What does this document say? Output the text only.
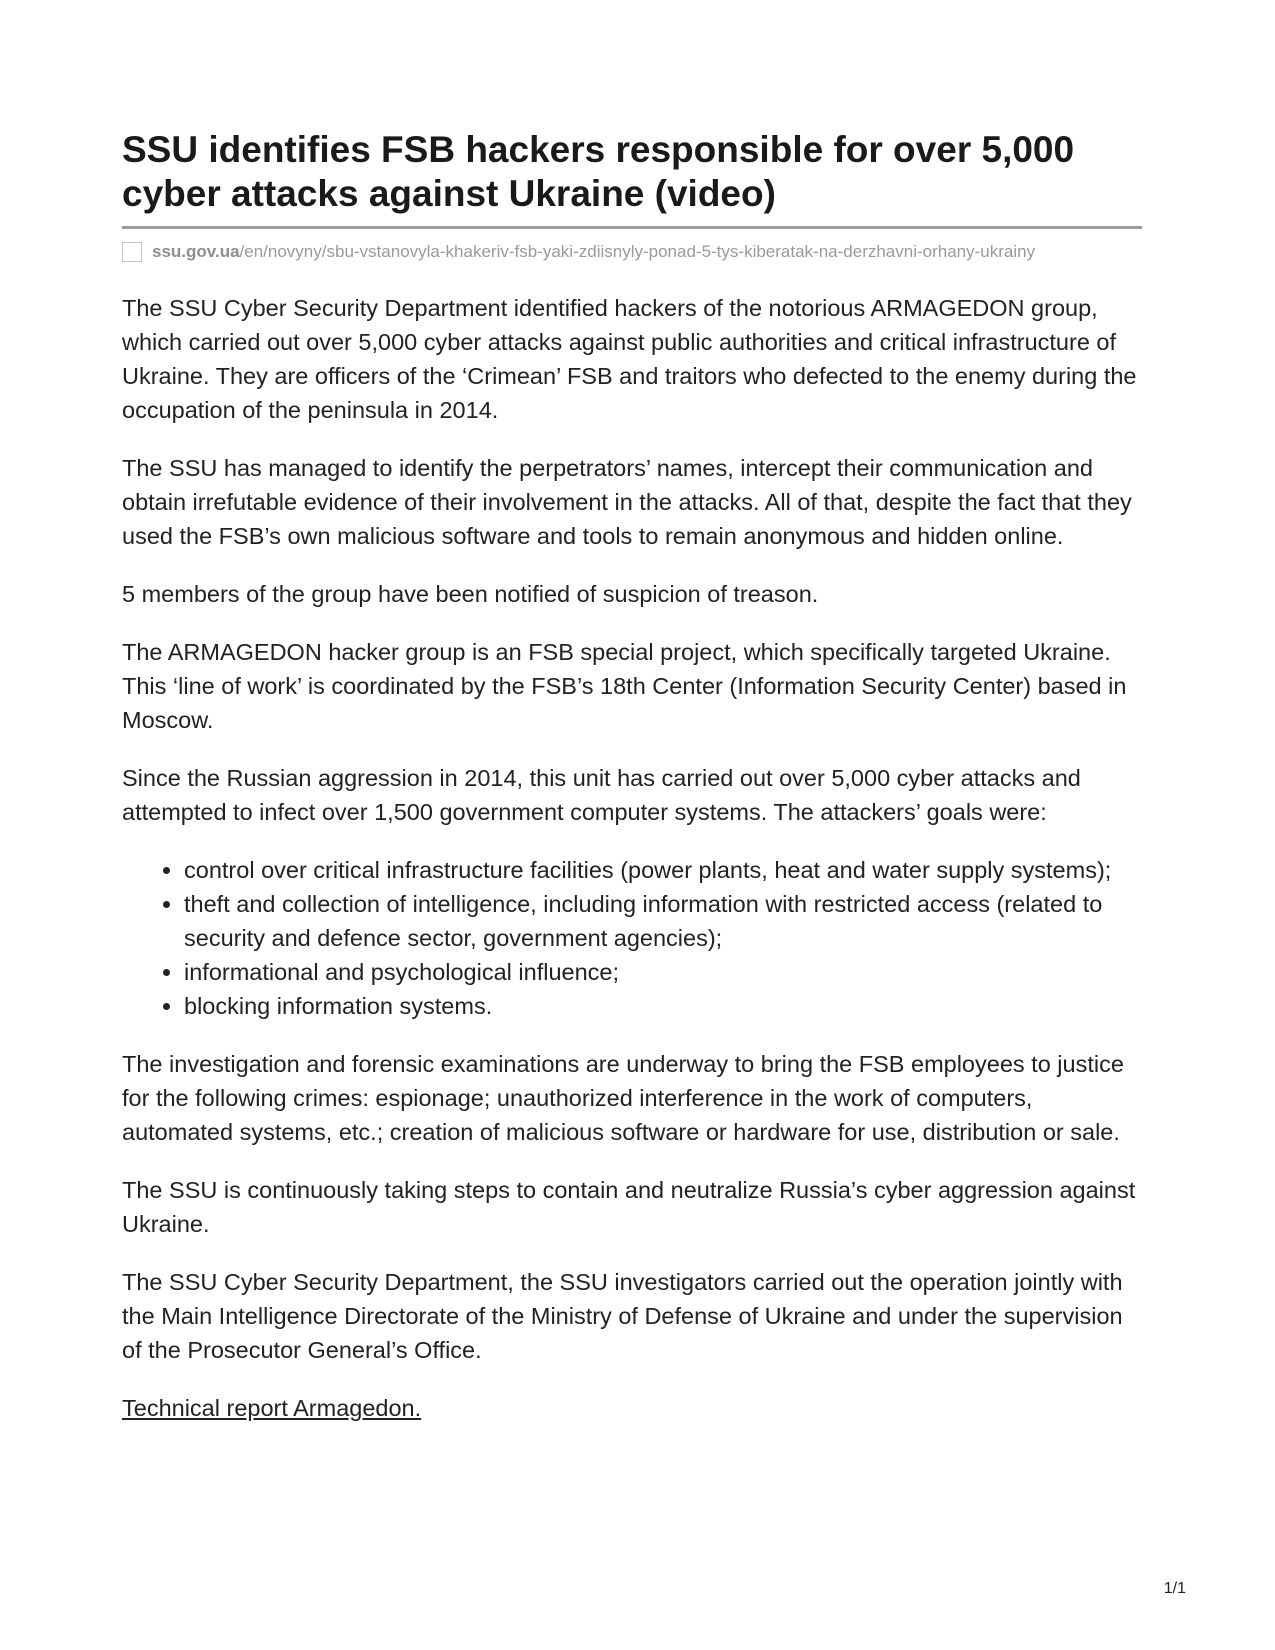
SSU identifies FSB hackers responsible for over 5,000 cyber attacks against Ukraine (video)
ssu.gov.ua /en/novyny/sbu-vstanovyla-khakeriv-fsb-yaki-zdiisnyly-ponad-5-tys-kiberatak-na-derzhavni-orhany-ukrainy

The SSU Cyber Security Department identified hackers of the notorious ARMAGEDON group, which carried out over 5,000 cyber attacks against public authorities and critical infrastructure of Ukraine. They are officers of the ‘Crimean’ FSB and traitors who defected to the enemy during the occupation of the peninsula in 2014.

The SSU has managed to identify the perpetrators’ names, intercept their communication and obtain irrefutable evidence of their involvement in the attacks. All of that, despite the fact that they used the FSB’s own malicious software and tools to remain anonymous and hidden online.

5 members of the group have been notified of suspicion of treason.

The ARMAGEDON hacker group is an FSB special project, which specifically targeted Ukraine. This ‘line of work’ is coordinated by the FSB’s 18th Center (Information Security Center) based in Moscow.

Since the Russian aggression in 2014, this unit has carried out over 5,000 cyber attacks and attempted to infect over 1,500 government computer systems. The attackers’ goals were:

• control over critical infrastructure facilities (power plants, heat and water supply systems);
• theft and collection of intelligence, including information with restricted access (related to security and defence sector, government agencies);
• informational and psychological influence;
• blocking information systems.

The investigation and forensic examinations are underway to bring the FSB employees to justice for the following crimes: espionage; unauthorized interference in the work of computers, automated systems, etc.; creation of malicious software or hardware for use, distribution or sale.

The SSU is continuously taking steps to contain and neutralize Russia’s cyber aggression against Ukraine.

The SSU Cyber Security Department, the SSU investigators carried out the operation jointly with the Main Intelligence Directorate of the Ministry of Defense of Ukraine and under the supervision of the Prosecutor General’s Office.

Technical report Armagedon.

1/1
